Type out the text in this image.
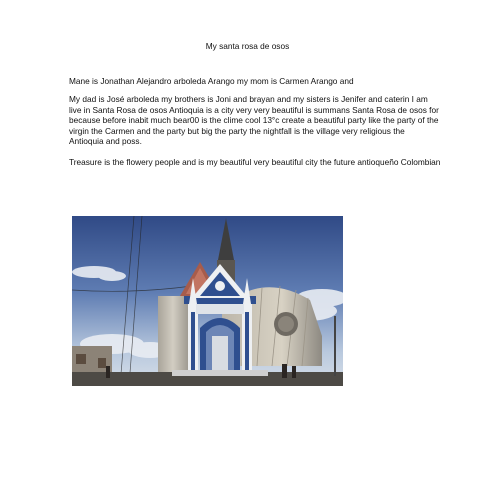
My santa rosa de osos

Mane is Jonathan Alejandro arboleda Arango my mom is Carmen Arango and

My dad is José arboleda my brothers is Joni and brayan and my sisters is Jenifer and caterin I am live in Santa Rosa de osos Antioquia is a city very very beautiful is summans Santa Rosa de osos for because before inabit much bear00 is the clime cool 13°c create a beautiful party like the party of the virgin the Carmen and the party but big the party the nightfall is the village very religious the Antioquia and poss.

Treasure is the flowery people and is my beautiful very beautiful city the future antioqueño Colombian
